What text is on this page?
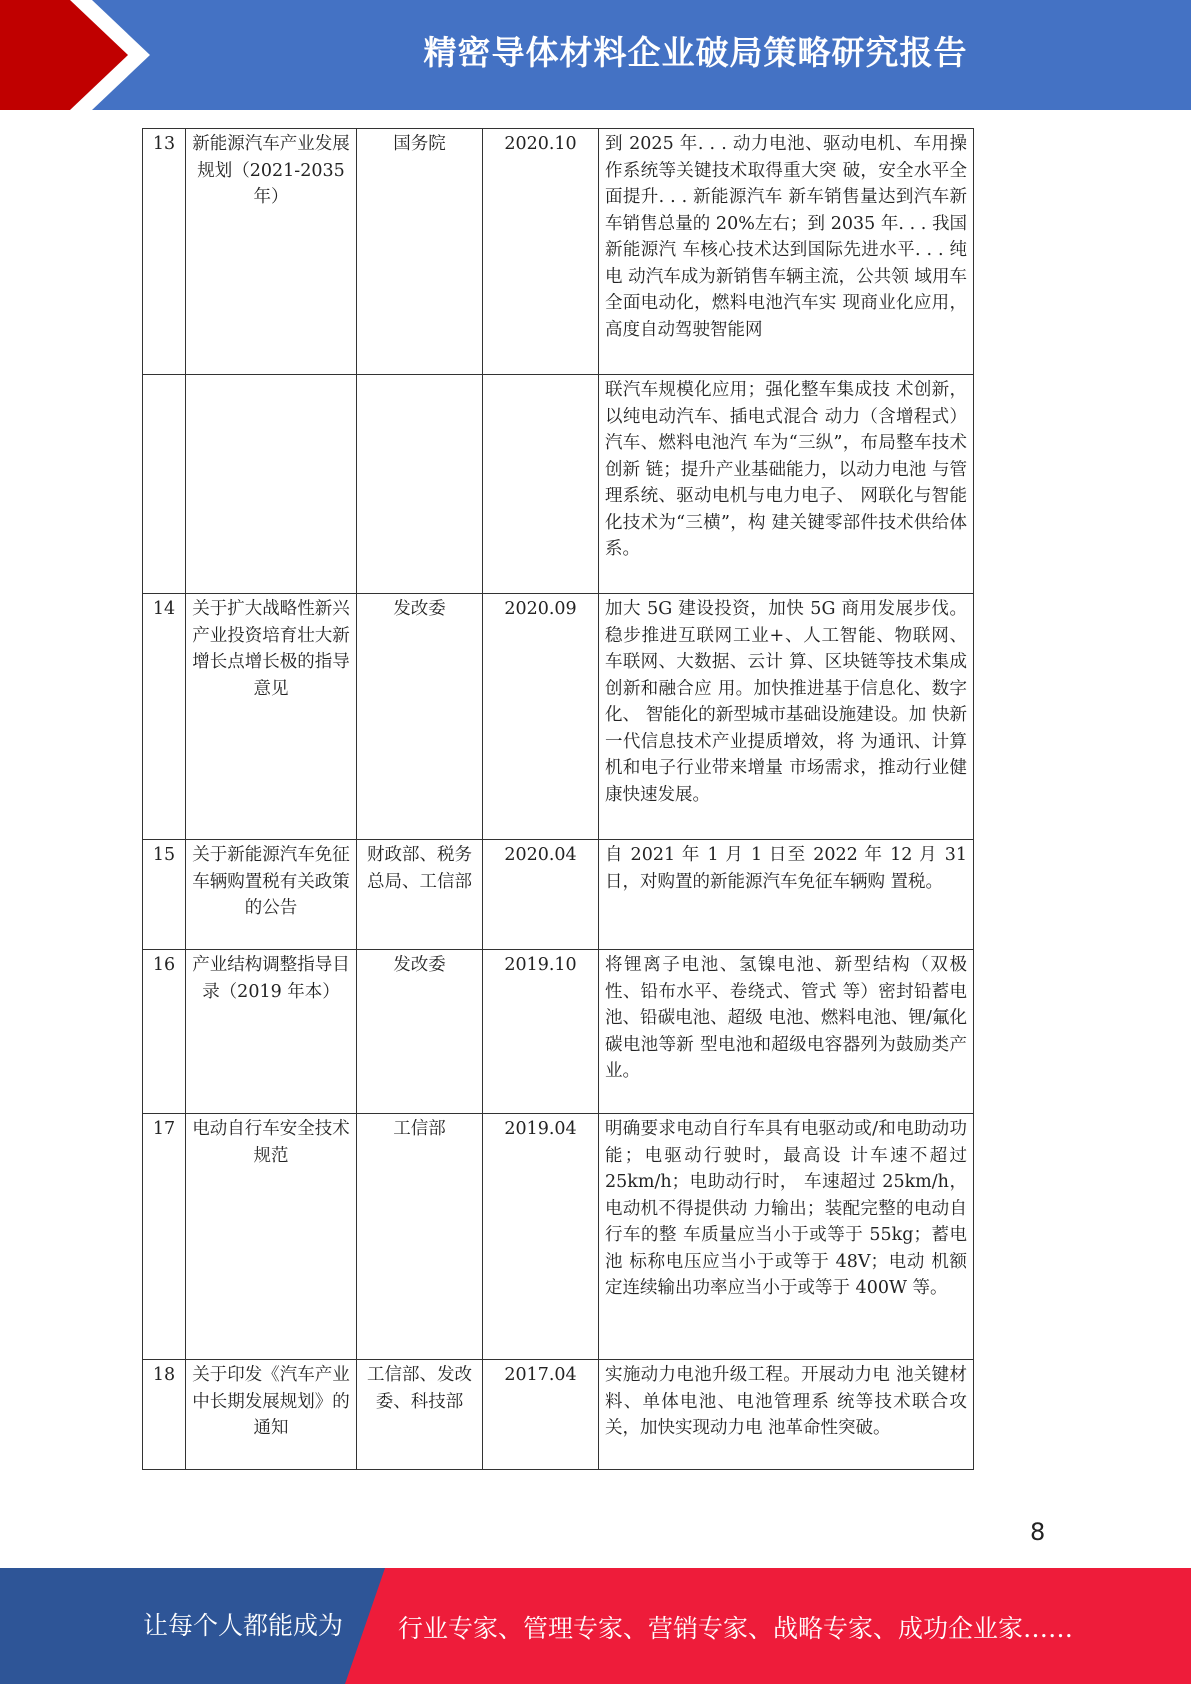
精密导体材料企业破局策略研究报告
13	新能源汽车产业发展规划（2021-2035年）	国务院	2020.10	到 2025 年. . . 动力电池、驱动电机、车用操作系统等关键技术取得重大突 破，安全水平全面提升. . . 新能源汽车 新车销售量达到汽车新车销售总量的 20%左右；到 2035 年. . . 我国新能源汽 车核心技术达到国际先进水平. . . 纯电 动汽车成为新销售车辆主流，公共领 域用车全面电动化，燃料电池汽车实 现商业化应用，高度自动驾驶智能网
				联汽车规模化应用；强化整车集成技 术创新，以纯电动汽车、插电式混合 动力（含增程式）汽车、燃料电池汽 车为“三纵”，布局整车技术创新 链；提升产业基础能力，以动力电池 与管理系统、驱动电机与电力电子、 网联化与智能化技术为“三横”，构 建关键零部件技术供给体系。
14	关于扩大战略性新兴产业投资培育壮大新增长点增长极的指导意见	发改委	2020.09	加大 5G 建设投资，加快 5G 商用发展步伐。稳步推进互联网工业+、人工智能、物联网、车联网、大数据、云计 算、区块链等技术集成创新和融合应 用。加快推进基于信息化、数字化、 智能化的新型城市基础设施建设。加 快新一代信息技术产业提质增效，将 为通讯、计算机和电子行业带来增量 市场需求，推动行业健康快速发展。
15	关于新能源汽车免征车辆购置税有关政策的公告	财政部、税务总局、工信部	2020.04	自 2021 年 1 月 1 日至 2022 年 12 月 31 日，对购置的新能源汽车免征车辆购 置税。
16	产业结构调整指导目录（2019 年本）	发改委	2019.10	将锂离子电池、氢镍电池、新型结构（双极性、铅布水平、卷绕式、管式 等）密封铅蓄电池、铅碳电池、超级 电池、燃料电池、锂/氟化碳电池等新 型电池和超级电容器列为鼓励类产 业。
17	电动自行车安全技术规范	工信部	2019.04	明确要求电动自行车具有电驱动或/和电助动功能；电驱动行驶时，最高设 计车速不超过 25km/h；电助动行时， 车速超过 25km/h，电动机不得提供动 力输出；装配完整的电动自行车的整 车质量应当小于或等于 55kg；蓄电池 标称电压应当小于或等于 48V；电动 机额定连续输出功率应当小于或等于 400W 等。
18	关于印发《汽车产业中长期发展规划》的通知	工信部、发改委、科技部	2017.04	实施动力电池升级工程。开展动力电 池关键材料、单体电池、电池管理系 统等技术联合攻关，加快实现动力电 池革命性突破。
8
让每个人都能成为 行业专家、管理专家、营销专家、战略专家、成功企业家……
